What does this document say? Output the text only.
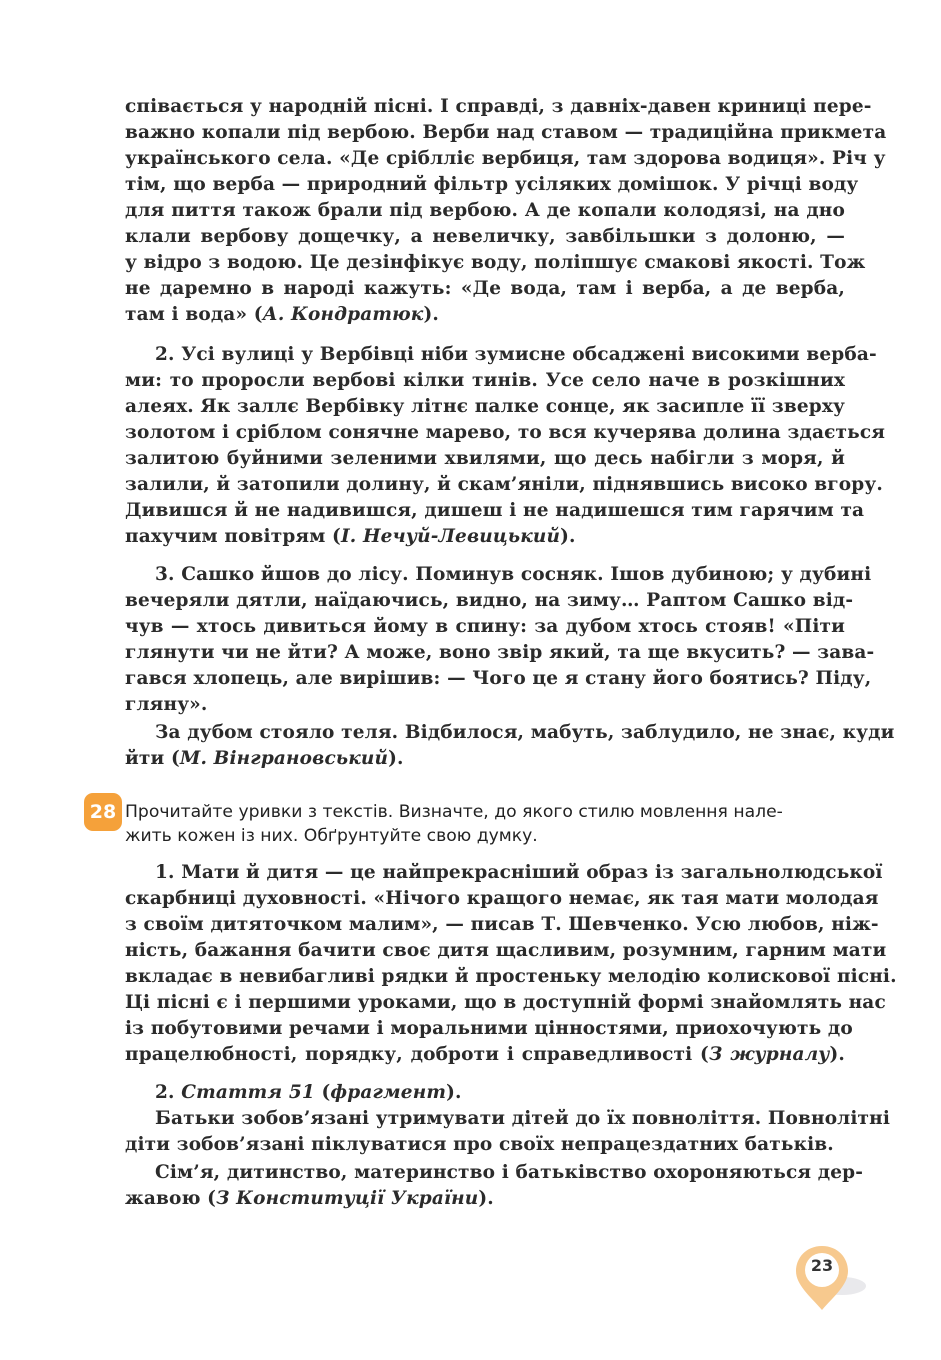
співається у народній пісні. І справді, з давніх-давен криниці пере-
важно копали під вербою. Верби над ставом — традиційна прикмета
українського села. «Де сріблліє вербиця, там здорова водиця». Річ у
тім, що верба — природний фільтр усіляких домішок. У річці воду
для пиття також брали під вербою. А де копали колодязі, на дно
клали вербову дощечку, а невеличку, завбільшки з долоню, —
у відро з водою. Це дезінфікує воду, поліпшує смакові якості. Тож
не даремно в народі кажуть: «Де вода, там і верба, а де верба,
там і вода» (А. Кондратюк).
2. Усі вулиці у Вербівці ніби зумисне обсаджені високими верба-
ми: то проросли вербові кілки тинів. Усе село наче в розкішних
алеях. Як заллє Вербівку літнє палке сонце, як засипле її зверху
золотом і сріблом сонячне марево, то вся кучерява долина здається
залитою буйними зеленими хвилями, що десь набігли з моря, й
залили, й затопили долину, й скам’яніли, піднявшись високо вгору.
Дивишся й не надивишся, дишеш і не надишешся тим гарячим та
пахучим повітрям (І. Нечуй-Левицький).
3. Сашко йшов до лісу. Поминув сосняк. Ішов дубиною; у дубині
вечеряли дятли, наїдаючись, видно, на зиму… Раптом Сашко від-
чув — хтось дивиться йому в спину: за дубом хтось стояв! «Піти
глянути чи не йти? А може, воно звір який, та ще вкусить? — зава-
гався хлопець, але вирішив: — Чого це я стану його боятись? Піду,
гляну».
За дубом стояло теля. Відбилося, мабуть, заблудило, не знає, куди
йти (М. Вінграновський).
Прочитайте уривки з текстів. Визначте, до якого стилю мовлення нале-
жить кожен із них. Обґрунтуйте свою думку.
1. Мати й дитя — це найпрекрасніший образ із загальнолюдської
скарбниці духовності. «Нічого кращого немає, як тая мати молодая
з своїм дитяточком малим», — писав Т. Шевченко. Усю любов, ніж-
ність, бажання бачити своє дитя щасливим, розумним, гарним мати
вкладає в невибагливі рядки й простеньку мелодію колискової пісні.
Ці пісні є і першими уроками, що в доступній формі знайомлять нас
із побутовими речами і моральними цінностями, приохочують до
працелюбності, порядку, доброти і справедливості (З журналу).
2. Стаття 51 (фрагмент).
Батьки зобов’язані утримувати дітей до їх повноліття. Повнолітні
діти зобов’язані піклуватися про своїх непрацездатних батьків.
Сім’я, дитинство, материнство і батьківство охороняються дер-
жавою (З Конституції України).
28
23
